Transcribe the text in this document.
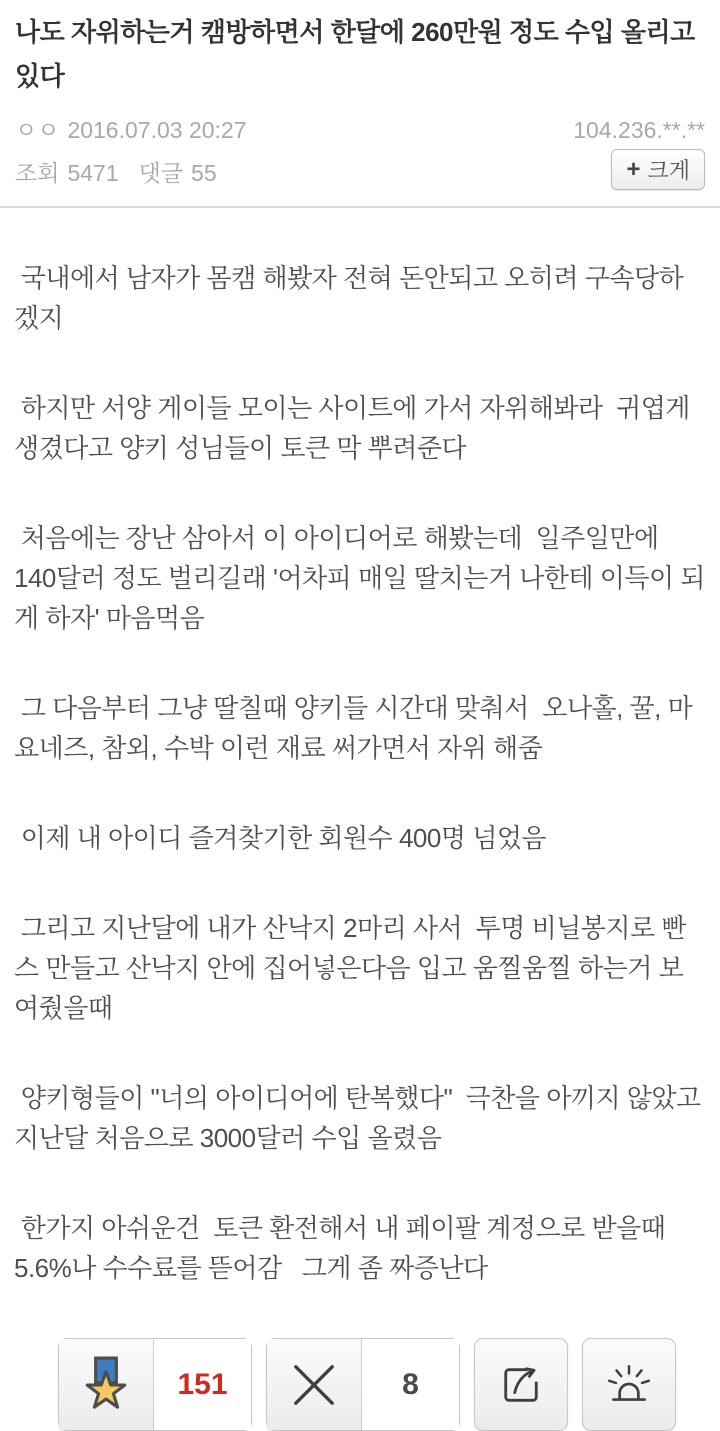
나도 자위하는거 캠방하면서 한달에 260만원 정도 수입 올리고 있다
ㅇㅇ 2016.07.03 20:27	104.236.**.**
조회 5471 댓글 55	+ 크게

국내에서 남자가 몸캠 해봤자 전혀 돈안되고 오히려 구속당하겠지

하지만 서양 게이들 모이는 사이트에 가서 자위해봐라  귀엽게 생겼다고 양키 성님들이 토큰 막 뿌려준다

처음에는 장난 삼아서 이 아이디어로 해봤는데  일주일만에 140달러 정도 벌리길래 '어차피 매일 딸치는거 나한테 이득이 되게 하자' 마음먹음

그 다음부터 그냥 딸칠때 양키들 시간대 맞춰서  오나홀, 꿀, 마요네즈, 참외, 수박 이런 재료 써가면서 자위 해줌

이제 내 아이디 즐겨찾기한 회원수 400명 넘었음

그리고 지난달에 내가 산낙지 2마리 사서  투명 비닐봉지로 빤스 만들고 산낙지 안에 집어넣은다음 입고 움찔움찔 하는거 보여줬을때

양키형들이 "너의 아이디어에 탄복했다"  극찬을 아끼지 않았고  지난달 처음으로 3000달러 수입 올렸음

한가지 아쉬운건  토큰 환전해서 내 페이팔 계정으로 받을때 5.6%나 수수료를 뜯어감   그게 좀 짜증난다

151	8
